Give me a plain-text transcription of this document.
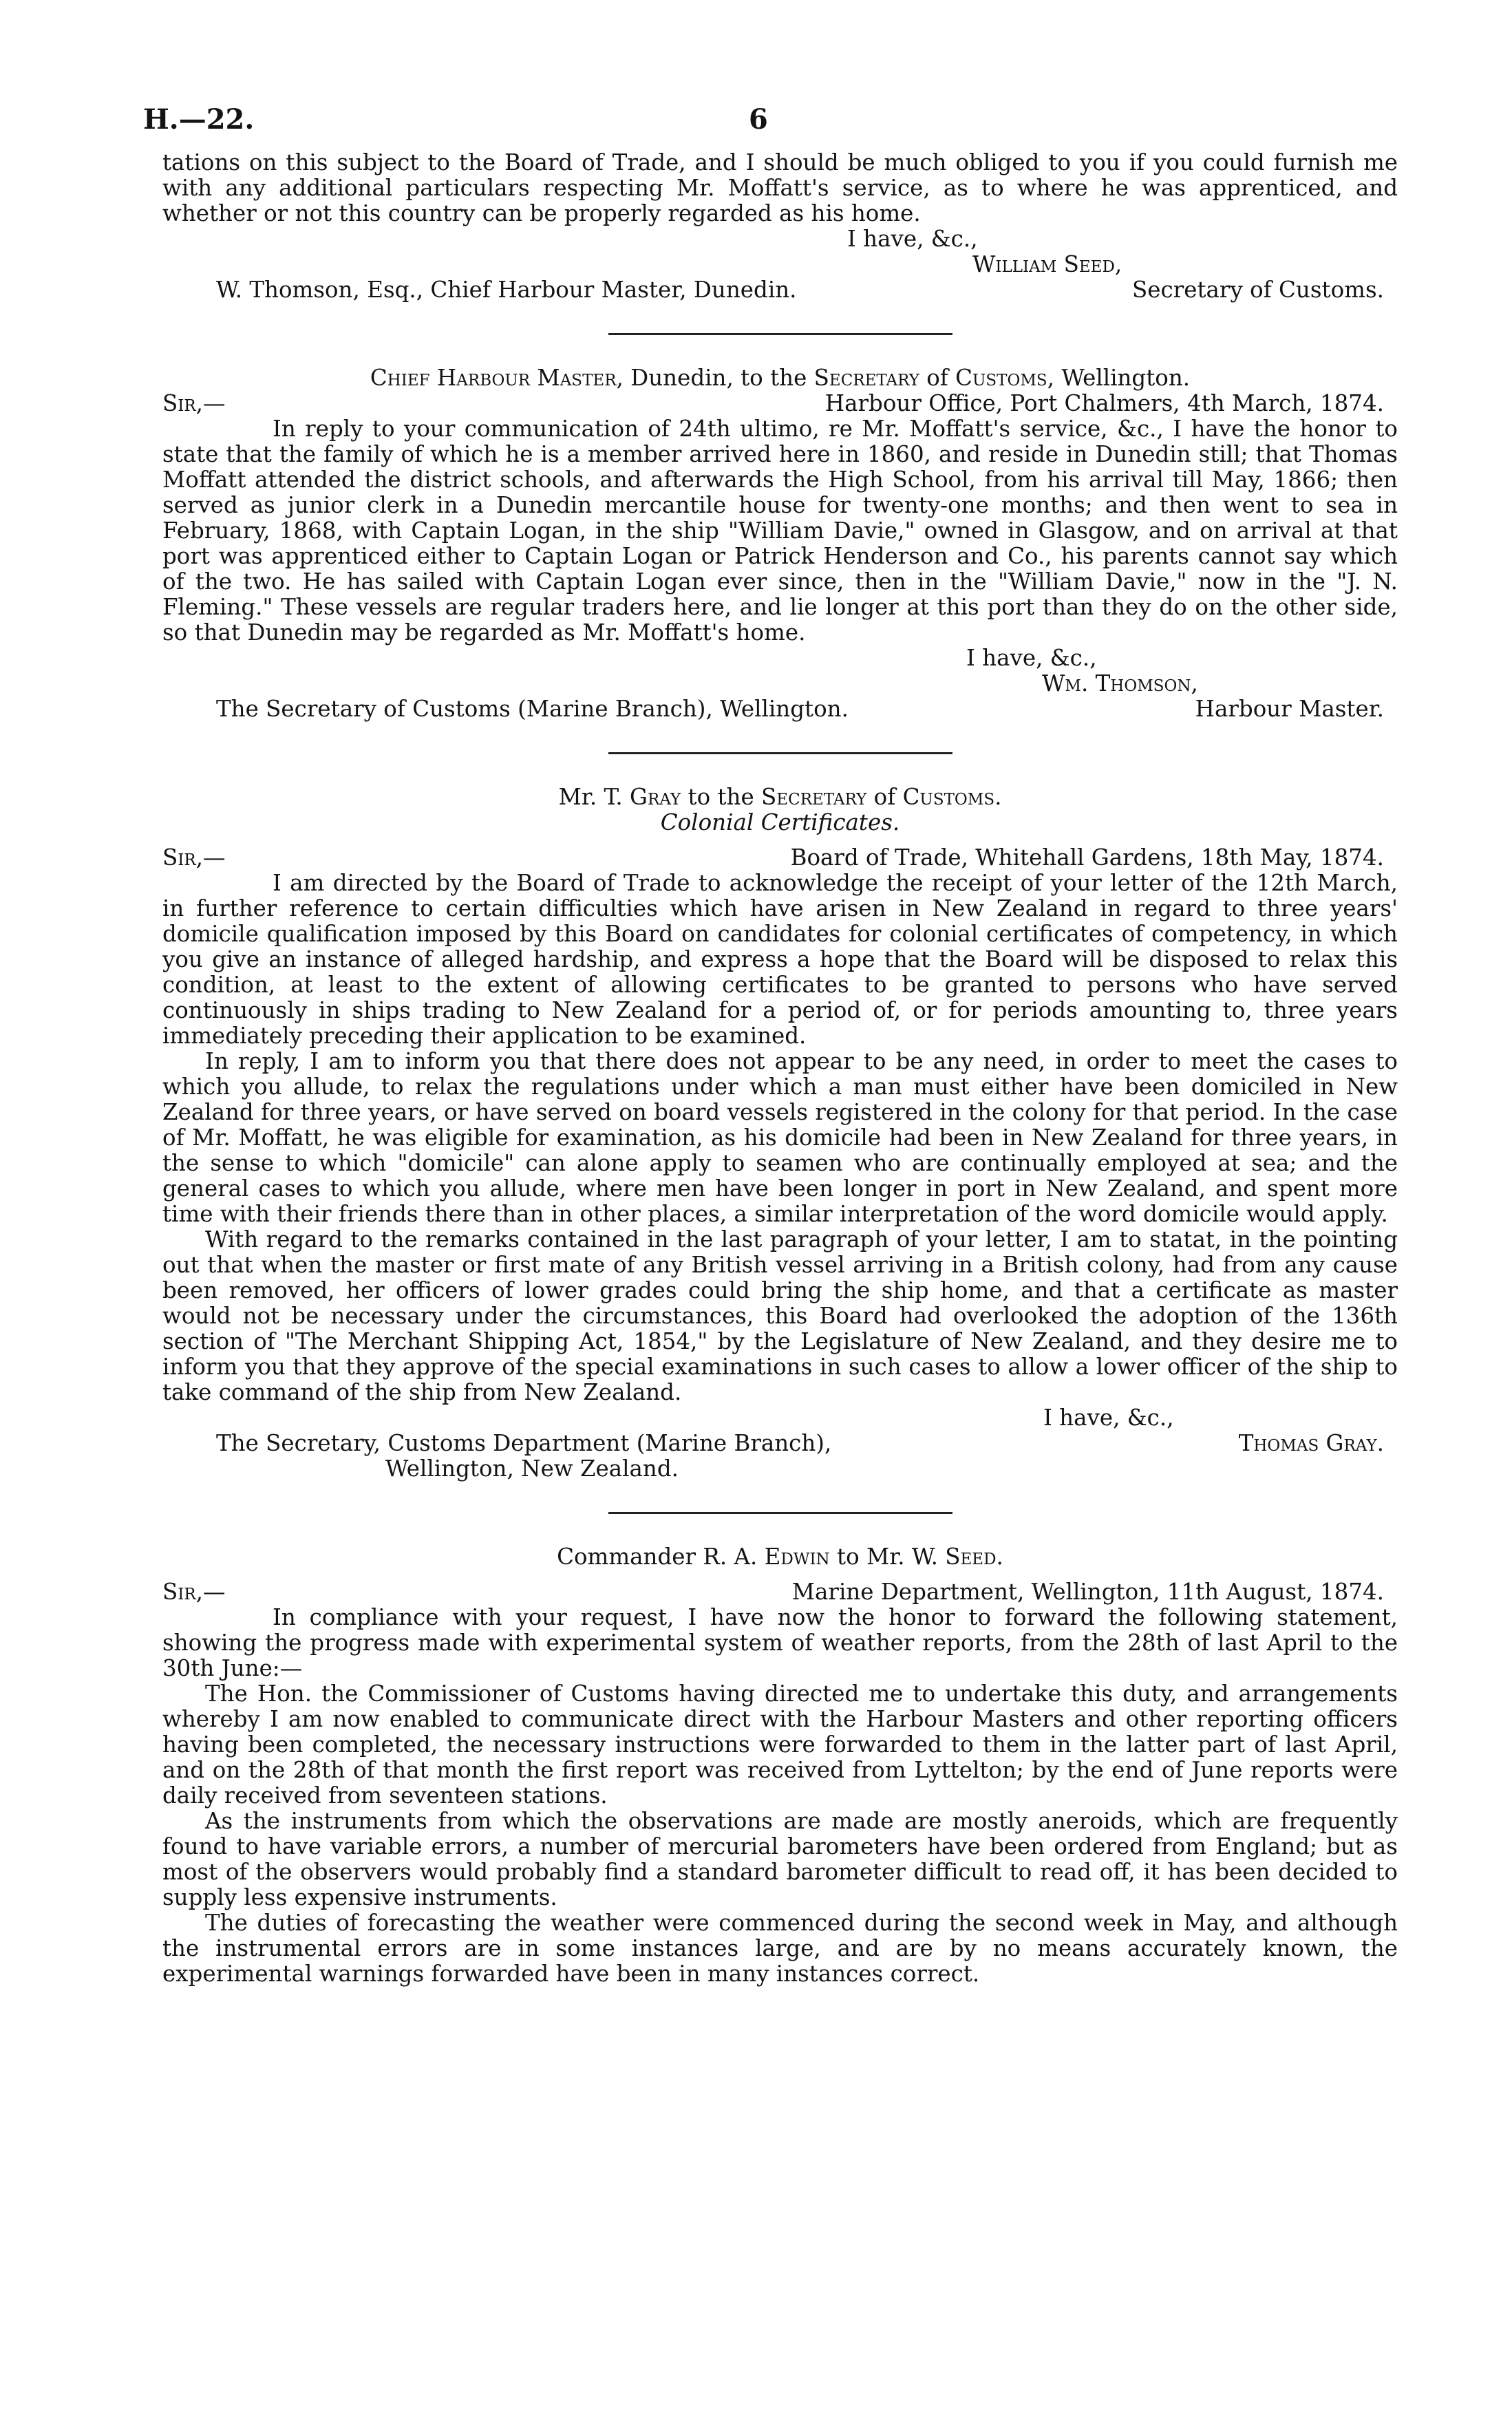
H.—22.	6

tations on this subject to the Board of Trade, and I should be much obliged to you if you could furnish me with any additional particulars respecting Mr. Moffatt's service, as to where he was apprenticed, and whether or not this country can be properly regarded as his home.

I have, &c.,
William Seed,
W. Thomson, Esq., Chief Harbour Master, Dunedin.	Secretary of Customs.
Chief Harbour Master, Dunedin, to the Secretary of Customs, Wellington.
Sir,—	Harbour Office, Port Chalmers, 4th March, 1874.

In reply to your communication of 24th ultimo, re Mr. Moffatt's service, &c., I have the honor to state that the family of which he is a member arrived here in 1860, and reside in Dunedin still; that Thomas Moffatt attended the district schools, and afterwards the High School, from his arrival till May, 1866; then served as junior clerk in a Dunedin mercantile house for twenty-one months; and then went to sea in February, 1868, with Captain Logan, in the ship "William Davie," owned in Glasgow, and on arrival at that port was apprenticed either to Captain Logan or Patrick Henderson and Co., his parents cannot say which of the two. He has sailed with Captain Logan ever since, then in the "William Davie," now in the "J. N. Fleming." These vessels are regular traders here, and lie longer at this port than they do on the other side, so that Dunedin may be regarded as Mr. Moffatt's home.

I have, &c.,
Wm. Thomson,
The Secretary of Customs (Marine Branch), Wellington.	Harbour Master.
Mr. T. Gray to the Secretary of Customs.
Colonial Certificates.
Sir,—	Board of Trade, Whitehall Gardens, 18th May, 1874.

I am directed by the Board of Trade to acknowledge the receipt of your letter of the 12th March, in further reference to certain difficulties which have arisen in New Zealand in regard to three years' domicile qualification imposed by this Board on candidates for colonial certificates of competency, in which you give an instance of alleged hardship, and express a hope that the Board will be disposed to relax this condition, at least to the extent of allowing certificates to be granted to persons who have served continuously in ships trading to New Zealand for a period of, or for periods amounting to, three years immediately preceding their application to be examined.

In reply, I am to inform you that there does not appear to be any need, in order to meet the cases to which you allude, to relax the regulations under which a man must either have been domiciled in New Zealand for three years, or have served on board vessels registered in the colony for that period. In the case of Mr. Moffatt, he was eligible for examination, as his domicile had been in New Zealand for three years, in the sense to which "domicile" can alone apply to seamen who are continually employed at sea; and the general cases to which you allude, where men have been longer in port in New Zealand, and spent more time with their friends there than in other places, a similar interpretation of the word domicile would apply.

With regard to the remarks contained in the last paragraph of your letter, I am to statat, in the pointing out that when the master or first mate of any British vessel arriving in a British colony, had from any cause been removed, her officers of lower grades could bring the ship home, and that a certificate as master would not be necessary under the circumstances, this Board had overlooked the adoption of the 136th section of "The Merchant Shipping Act, 1854," by the Legislature of New Zealand, and they desire me to inform you that they approve of the special examinations in such cases to allow a lower officer of the ship to take command of the ship from New Zealand.

I have, &c.,
The Secretary, Customs Department (Marine Branch),	Thomas Gray.
Wellington, New Zealand.
Commander R. A. Edwin to Mr. W. Seed.
Sir,—	Marine Department, Wellington, 11th August, 1874.

In compliance with your request, I have now the honor to forward the following statement, showing the progress made with experimental system of weather reports, from the 28th of last April to the 30th June:—

The Hon. the Commissioner of Customs having directed me to undertake this duty, and arrangements whereby I am now enabled to communicate direct with the Harbour Masters and other reporting officers having been completed, the necessary instructions were forwarded to them in the latter part of last April, and on the 28th of that month the first report was received from Lyttelton; by the end of June reports were daily received from seventeen stations.

As the instruments from which the observations are made are mostly aneroids, which are frequently found to have variable errors, a number of mercurial barometers have been ordered from England; but as most of the observers would probably find a standard barometer difficult to read off, it has been decided to supply less expensive instruments.

The duties of forecasting the weather were commenced during the second week in May, and although the instrumental errors are in some instances large, and are by no means accurately known, the experimental warnings forwarded have been in many instances correct.
